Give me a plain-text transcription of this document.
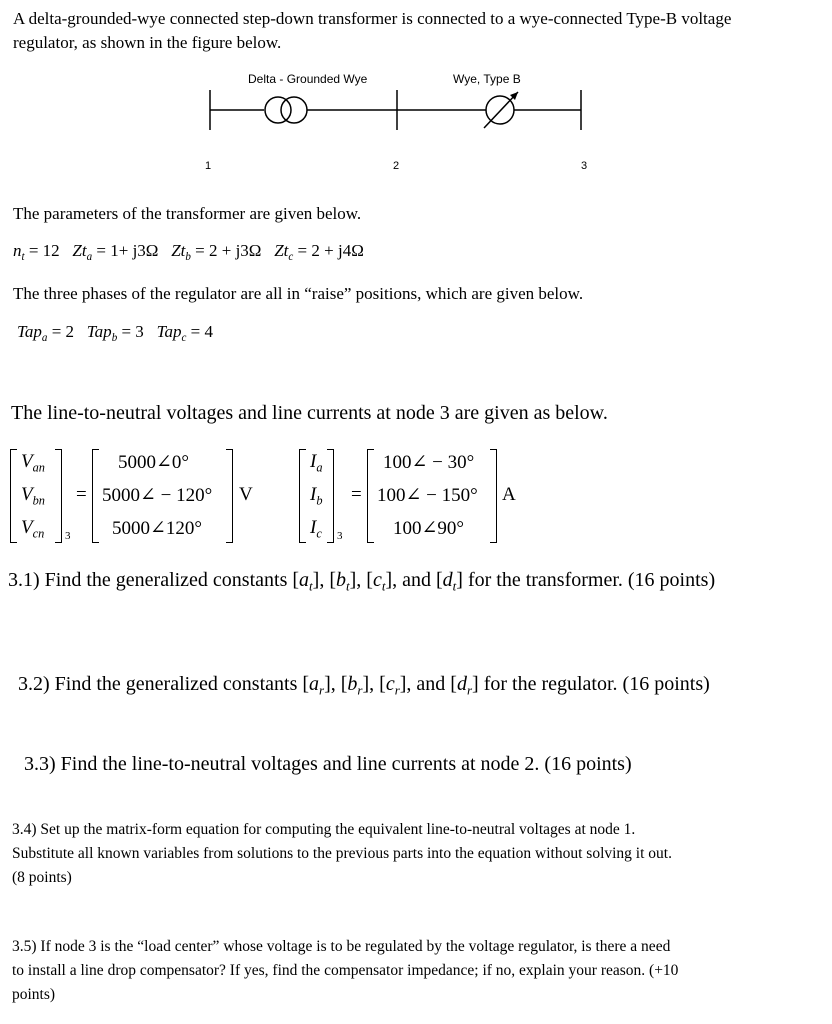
A delta-grounded-wye connected step-down transformer is connected to a wye-connected Type-B voltage
regulator, as shown in the figure below.
Delta - Grounded Wye	Wye, Type B
1	2	3
The parameters of the transformer are given below.
$n_t = 12$ $Zt_a = 1+ j3\Omega$ $Zt_b = 2 + j3\Omega$ $Zt_c = 2 + j4\Omega$
The three phases of the regulator are all in “raise” positions, which are given below.
Tap$_a$ = 2 Tap$_b$ = 3 Tap$_c$ = 4
The line-to-neutral voltages and line currents at node 3 are given as below.
$V_{an}$
$V_{bn}$
$V_{cn}$ 3
=
5000∠0°
5000∠ − 120°
5000∠120°
V
$I_a$
$I_b$
$I_c$ 3
=
100∠ − 30°
100∠ − 150°
100∠90°
A
3.1) Find the generalized constants $[a_t]$, $[b_t]$, $[c_t]$, and $[d_t]$ for the transformer. (16 points)
3.2) Find the generalized constants $[a_r]$, $[b_r]$, $[c_r]$, and $[d_r]$ for the regulator. (16 points)
3.3) Find the line-to-neutral voltages and line currents at node 2. (16 points)
3.4) Set up the matrix-form equation for computing the equivalent line-to-neutral voltages at node 1.
Substitute all known variables from solutions to the previous parts into the equation without solving it out.
(8 points)
3.5) If node 3 is the “load center” whose voltage is to be regulated by the voltage regulator, is there a need
to install a line drop compensator? If yes, find the compensator impedance; if no, explain your reason. (+10
points)
